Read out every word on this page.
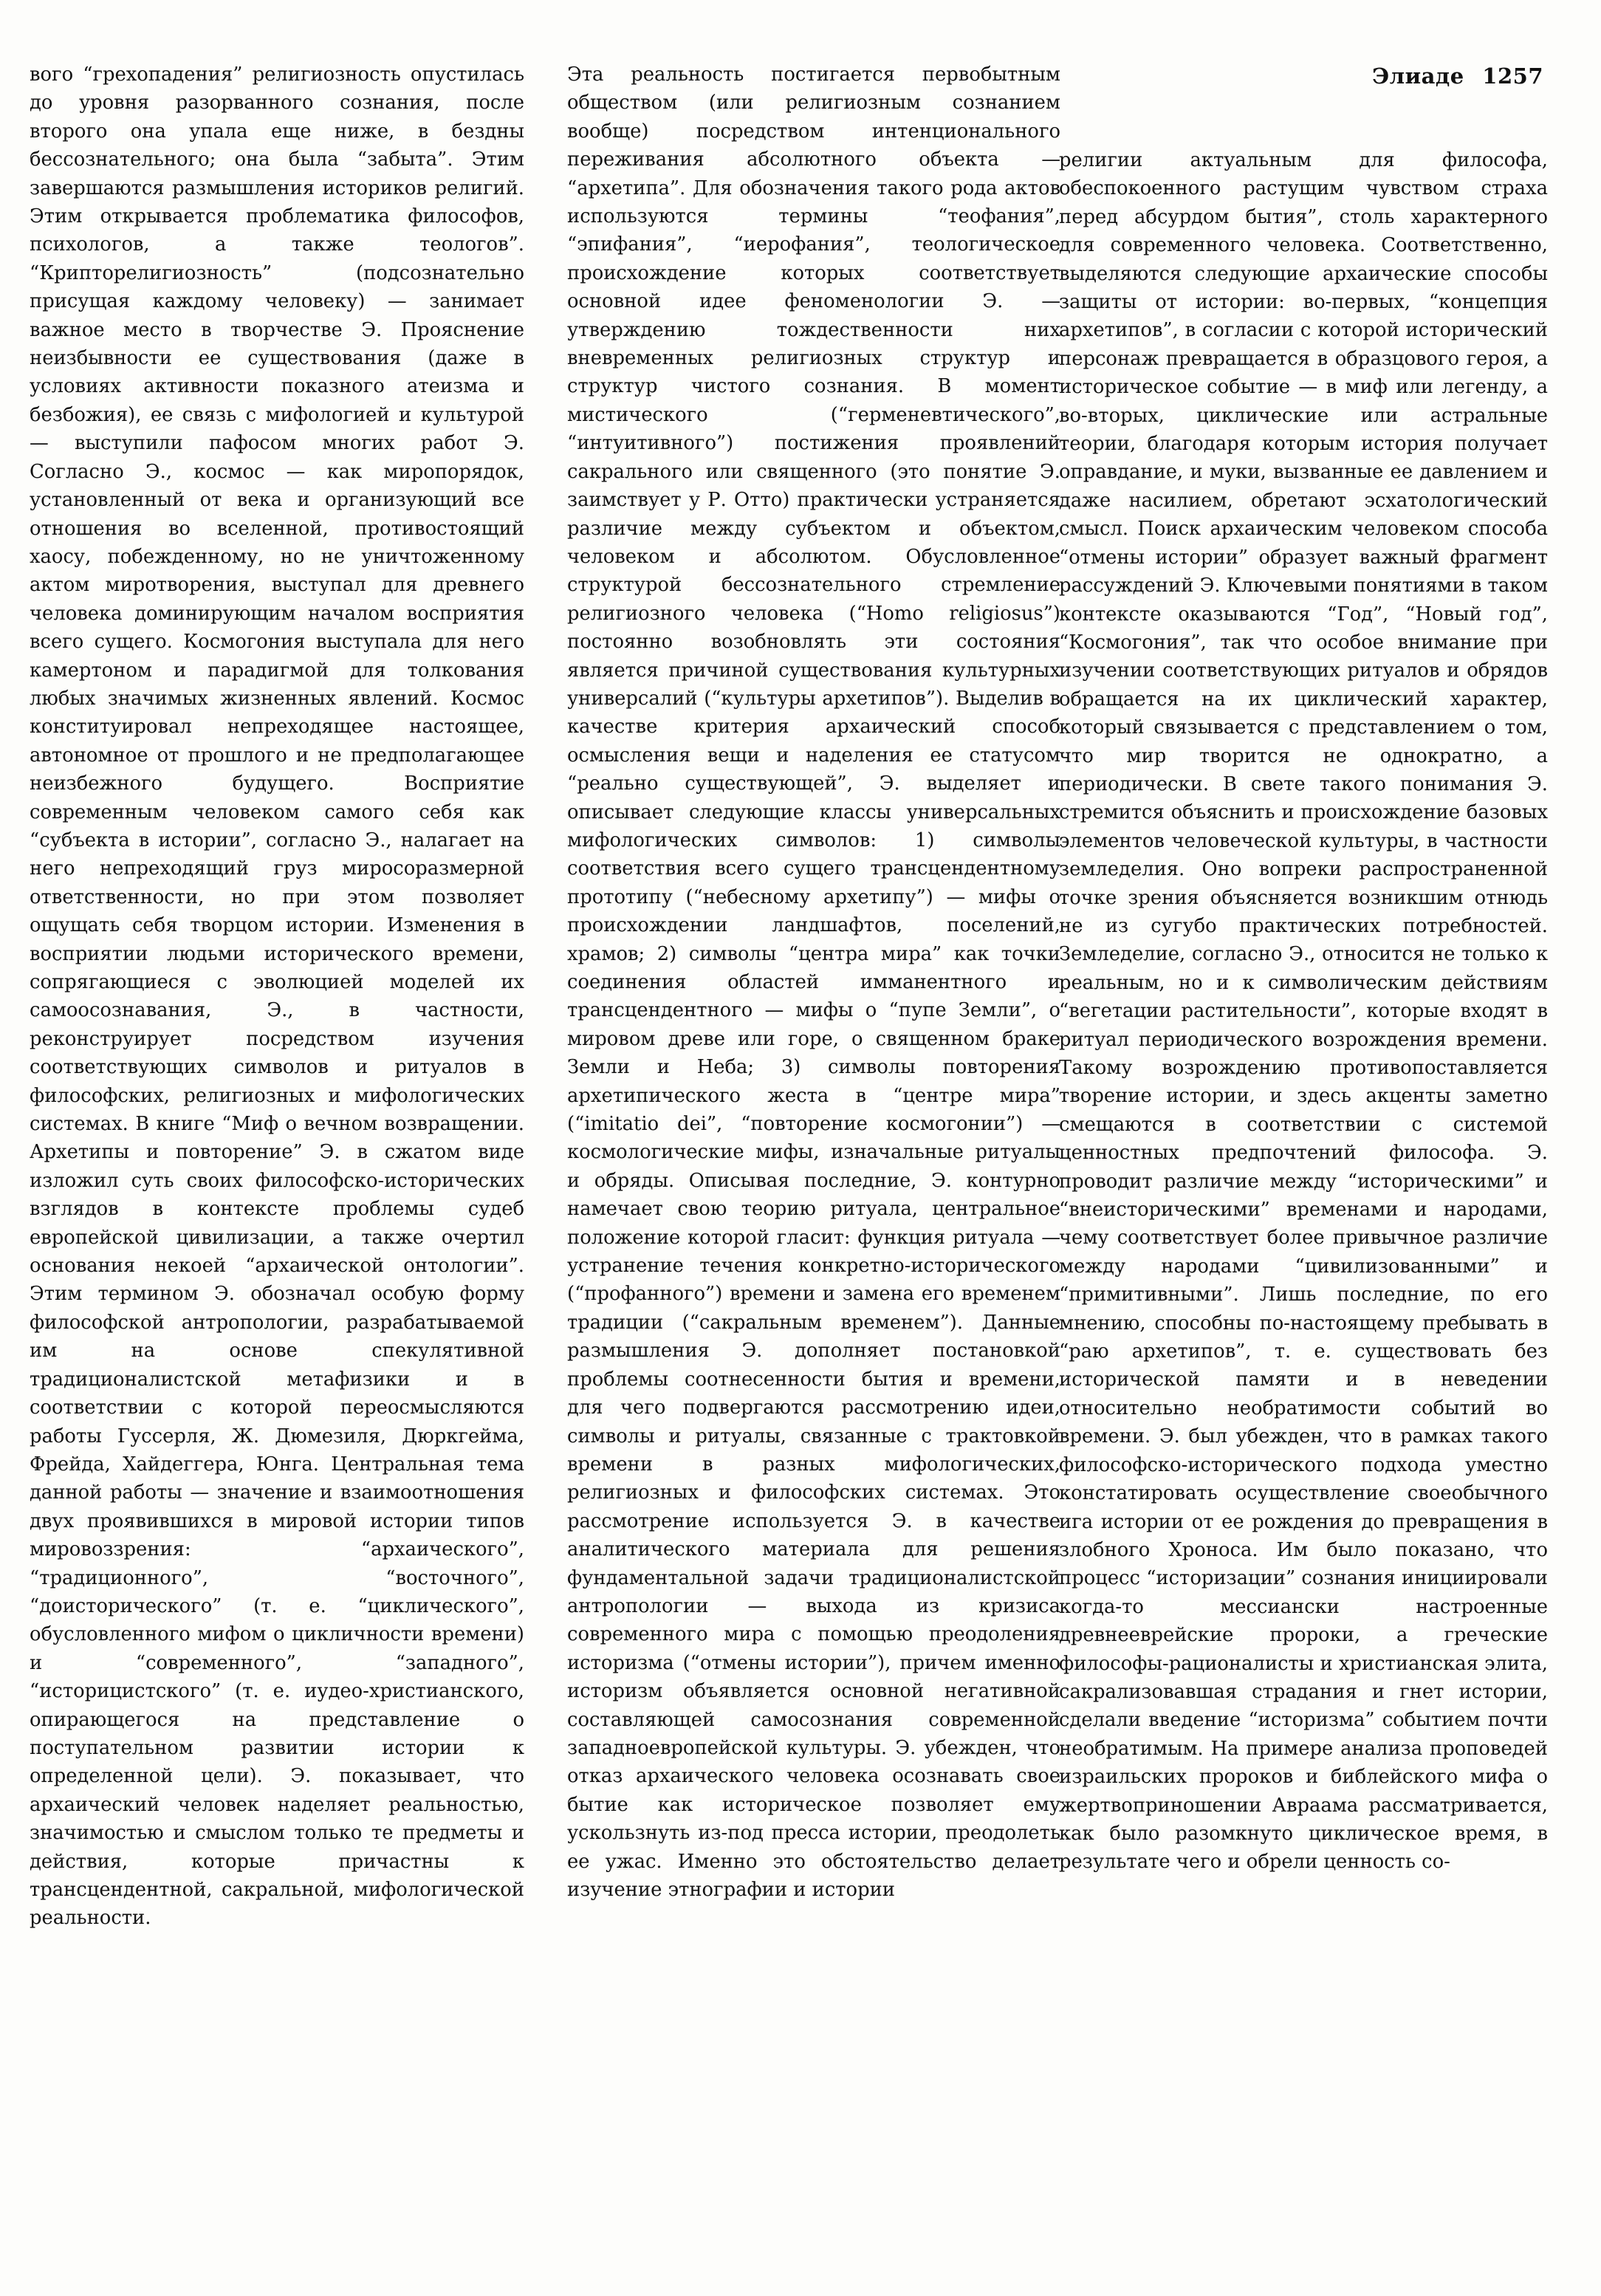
Элиаде 1257

вого “грехопадения” религиозность опустилась до уровня разорванного сознания, после второго она упала еще ниже, в бездны бессознательного; она была “забыта”. Этим завершаются размышления историков религий. Этим открывается проблематика философов, психологов, а также теологов”. “Крипторелигиозность” (подсознательно присущая каждому человеку) — занимает важное место в творчестве Э. Прояснение неизбывности ее существования (даже в условиях активности показного атеизма и безбожия), ее связь с мифологией и культурой — выступили пафосом многих работ Э. Согласно Э., космос — как миропорядок, установленный от века и организующий все отношения во вселенной, противостоящий хаосу, побежденному, но не уничтоженному актом миротворения, выступал для древнего человека доминирующим началом восприятия всего сущего. Космогония выступала для него камертоном и парадигмой для толкования любых значимых жизненных явлений. Космос конституировал непреходящее настоящее, автономное от прошлого и не предполагающее неизбежного будущего. Восприятие современным человеком самого себя как “субъекта в истории”, согласно Э., налагает на него непреходящий груз миросоразмерной ответственности, но при этом позволяет ощущать себя творцом истории. Изменения в восприятии людьми исторического времени, сопрягающиеся с эволюцией моделей их самоосознавания, Э., в частности, реконструирует посредством изучения соответствующих символов и ритуалов в философских, религиозных и мифологических системах. В книге “Миф о вечном возвращении. Архетипы и повторение” Э. в сжатом виде изложил суть своих философско-исторических взглядов в контексте проблемы судеб европейской цивилизации, а также очертил основания некоей “архаической онтологии”. Этим термином Э. обозначал особую форму философской антропологии, разрабатываемой им на основе спекулятивной традиционалистской метафизики и в соответствии с которой переосмысляются работы Гуссерля, Ж. Дюмезиля, Дюркгейма, Фрейда, Хайдеггера, Юнга. Центральная тема данной работы — значение и взаимоотношения двух проявившихся в мировой истории типов мировоззрения: “архаического”, “традиционного”, “восточного”, “доисторического” (т. е. “циклического”, обусловленного мифом о цикличности времени) и “современного”, “западного”, “историцистского” (т. е. иудео-христианского, опирающегося на представление о поступательном развитии истории к определенной цели). Э. показывает, что архаический человек наделяет реальностью, значимостью и смыслом только те предметы и действия, которые причастны к трансцендентной, сакральной, мифологической реальности.

Эта реальность постигается первобытным обществом (или религиозным сознанием вообще) посредством интенционального переживания абсолютного объекта — “архетипа”. Для обозначения такого рода актов используются термины “теофания”, “эпифания”, “иерофания”, теологическое происхождение которых соответствует основной идее феноменологии Э. — утверждению тождественности ниx вневременных религиозных структур и структур чистого сознания. В момент мистического (“герменевтического”, “интуитивного”) постижения проявлений сакрального или священного (это понятие Э. заимствует у Р. Отто) практически устраняется различие между субъектом и объектом, человеком и абсолютом. Обусловленное структурой бессознательного стремление религиозного человека (“Homo religiosus”) постоянно возобновлять эти состояния является причиной существования культурных универсалий (“культуры архетипов”). Выделив в качестве критерия архаический способ осмысления вещи и наделения ее статусом “реально существующей”, Э. выделяет и описывает следующие классы универсальных мифологических символов: 1) символы соответствия всего сущего трансцендентному прототипу (“небесному архетипу”) — мифы о происхождении ландшафтов, поселений, храмов; 2) символы “центра мира” как точки соединения областей имманентного и трансцендентного — мифы о “пупе Земли”, о мировом древе или горе, о священном браке Земли и Неба; 3) символы повторения архетипического жеста в “центре мира” (“imitatio dei”, “повторение космогонии”) — космологические мифы, изначальные ритуалы и обряды. Описывая последние, Э. контурно намечает свою теорию ритуала, центральное положение которой гласит: функция ритуала — устранение течения конкретно-исторического (“профанного”) времени и замена его временем традиции (“сакральным временем”). Данные размышления Э. дополняет постановкой проблемы соотнесенности бытия и времени, для чего подвергаются рассмотрению идеи, символы и ритуалы, связанные с трактовкой времени в разных мифологических, религиозных и философских системах. Это рассмотрение используется Э. в качестве аналитического материала для решения фундаментальной задачи традиционалистской антропологии — выхода из кризиса современного мира с помощью преодоления историзма (“отмены истории”), причем именно историзм объявляется основной негативной составляющей самосознания современной западноевропейской культуры. Э. убежден, что отказ архаического человека осознавать свое бытие как историческое позволяет ему ускользнуть из-под пресса истории, преодолеть ее ужас. Именно это обстоятельство делает изучение этнографии и истории

религии актуальным для философа, обеспокоенного растущим чувством страха перед абсурдом бытия”, столь характерного для современного человека. Соответственно, выделяются следующие архаические способы защиты от истории: во-первых, “концепция архетипов”, в согласии с которой исторический персонаж превращается в образцового героя, а историческое событие — в миф или легенду, а во-вторых, циклические или астральные теории, благодаря которым история получает оправдание, и муки, вызванные ее давлением и даже насилием, обретают эсхатологический смысл. Поиск архаическим человеком способа “отмены истории” образует важный фрагмент рассуждений Э. Ключевыми понятиями в таком контексте оказываются “Год”, “Новый год”, “Космогония”, так что особое внимание при изучении соответствующих ритуалов и обрядов обращается на их циклический характер, который связывается с представлением о том, что мир творится не однократно, а периодически. В свете такого понимания Э. стремится объяснить и происхождение базовых элементов человеческой культуры, в частности земледелия. Оно вопреки распространенной точке зрения объясняется возникшим отнюдь не из сугубо практических потребностей. Земледелие, согласно Э., относится не только к реальным, но и к символическим действиям “вегетации растительности”, которые входят в ритуал периодического возрождения времени. Такому возрождению противопоставляется творение истории, и здесь акценты заметно смещаются в соответствии с системой ценностных предпочтений философа. Э. проводит различие между “историческими” и “внеисторическими” временами и народами, чему соответствует более привычное различие между народами “цивилизованными” и “примитивными”. Лишь последние, по его мнению, способны по-настоящему пребывать в “раю архетипов”, т. е. существовать без исторической памяти и в неведении относительно необратимости событий во времени. Э. был убежден, что в рамках такого философско-исторического подхода уместно констатировать осуществление своеобычного ига истории от ее рождения до превращения в злобного Хроноса. Им было показано, что процесс “историзации” сознания инициировали когда-то мессиански настроенные древнееврейские пророки, а греческие философы-рационалисты и христианская элита, сакрализовавшая страдания и гнет истории, сделали введение “историзма” событием почти необратимым. На примере анализа проповедей израильских пророков и библейского мифа о жертвоприношении Авраама рассматривается, как было разомкнуто циклическое время, в результате чего и обрели ценность со-
